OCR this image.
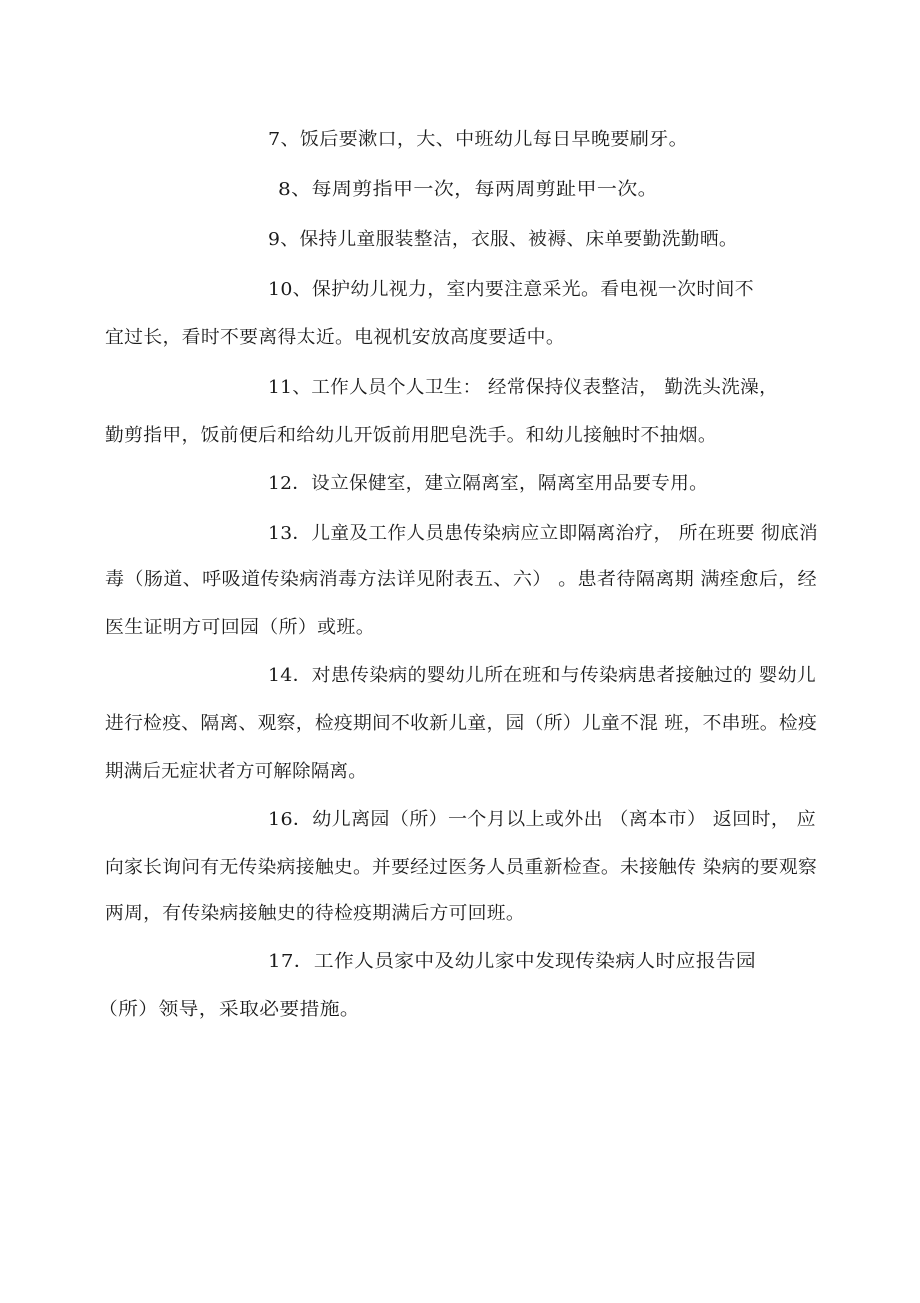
7、饭后要漱口，大、中班幼儿每日早晚要刷牙。
8、每周剪指甲一次，每两周剪趾甲一次。
9、保持儿童服装整洁，衣服、被褥、床单要勤洗勤晒。
10、保护幼儿视力，室内要注意采光。看电视一次时间不
宜过长，看时不要离得太近。电视机安放高度要适中。
11、工作人员个人卫生： 经常保持仪表整洁， 勤洗头洗澡，
勤剪指甲，饭前便后和给幼儿开饭前用肥皂洗手。和幼儿接触时不抽烟。
12．设立保健室，建立隔离室，隔离室用品要专用。
13．儿童及工作人员患传染病应立即隔离治疗， 所在班要 彻底消
毒（肠道、呼吸道传染病消毒方法详见附表五、六） 。患者待隔离期 满痊愈后，经
医生证明方可回园（所）或班。
14．对患传染病的婴幼儿所在班和与传染病患者接触过的 婴幼儿
进行检疫、隔离、观察，检疫期间不收新儿童，园（所）儿童不混 班，不串班。检疫
期满后无症状者方可解除隔离。
16．幼儿离园（所）一个月以上或外出 （离本市） 返回时， 应
向家长询问有无传染病接触史。并要经过医务人员重新检查。未接触传 染病的要观察
两周，有传染病接触史的待检疫期满后方可回班。
17．工作人员家中及幼儿家中发现传染病人时应报告园
（所）领导，采取必要措施。
